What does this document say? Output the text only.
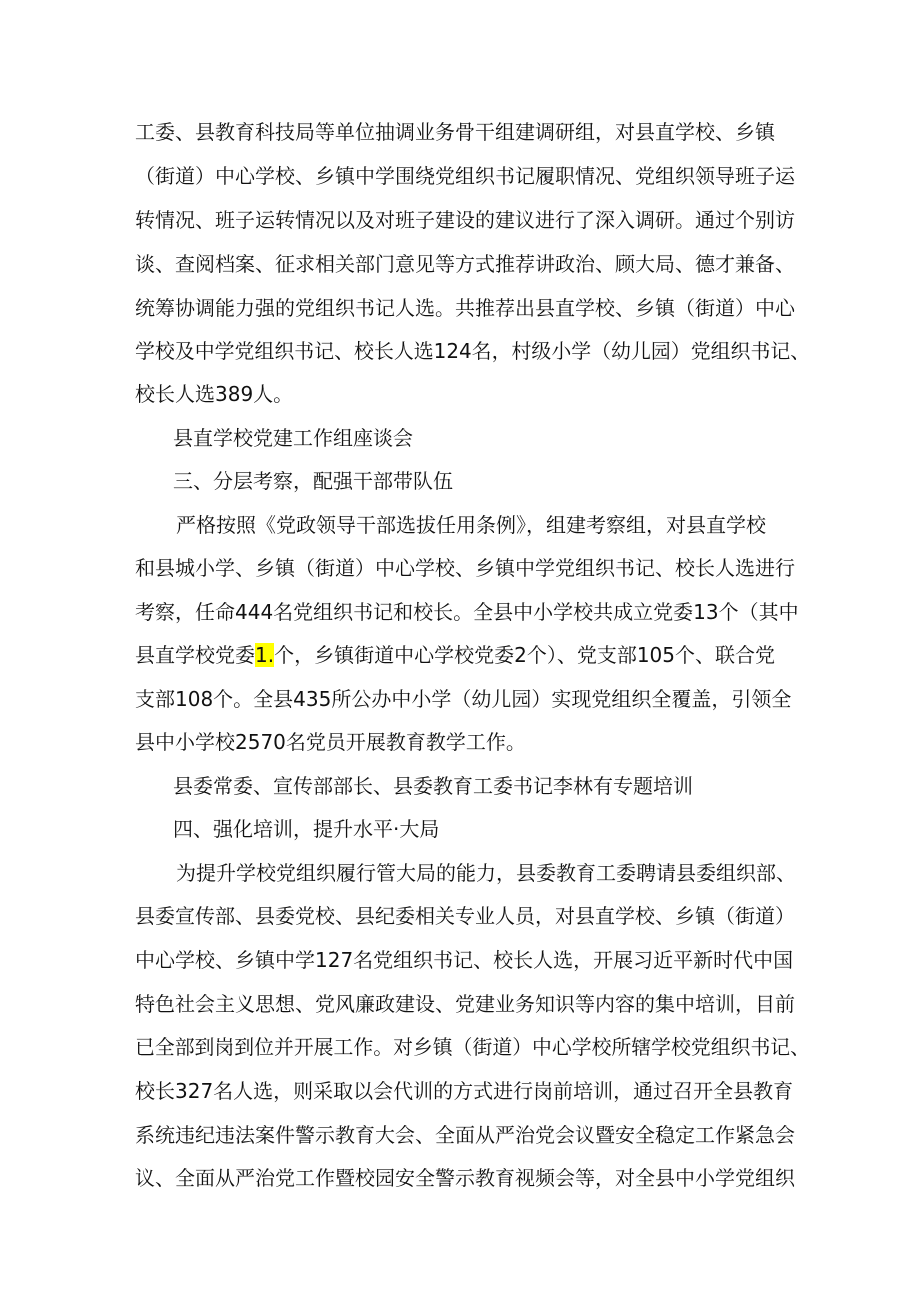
工委、县教育科技局等单位抽调业务骨干组建调研组，对县直学校、乡镇
（街道）中心学校、乡镇中学围绕党组织书记履职情况、党组织领导班子运
转情况、班子运转情况以及对班子建设的建议进行了深入调研。通过个别访
谈、查阅档案、征求相关部门意见等方式推荐讲政治、顾大局、德才兼备、
统筹协调能力强的党组织书记人选。共推荐出县直学校、乡镇（街道）中心
学校及中学党组织书记、校长人选124名，村级小学（幼儿园）党组织书记、
校长人选389人。
县直学校党建工作组座谈会
三、分层考察，配强干部带队伍
严格按照《党政领导干部选拔任用条例》，组建考察组，对县直学校
和县城小学、乡镇（街道）中心学校、乡镇中学党组织书记、校长人选进行
考察，任命444名党组织书记和校长。全县中小学校共成立党委13个（其中
县直学校党委1.个，乡镇街道中心学校党委2个）、党支部105个、联合党
支部108个。全县435所公办中小学（幼儿园）实现党组织全覆盖，引领全
县中小学校2570名党员开展教育教学工作。
县委常委、宣传部部长、县委教育工委书记李林有专题培训
四、强化培训，提升水平·大局
为提升学校党组织履行管大局的能力，县委教育工委聘请县委组织部、
县委宣传部、县委党校、县纪委相关专业人员，对县直学校、乡镇（街道）
中心学校、乡镇中学127名党组织书记、校长人选，开展习近平新时代中国
特色社会主义思想、党风廉政建设、党建业务知识等内容的集中培训，目前
已全部到岗到位并开展工作。对乡镇（街道）中心学校所辖学校党组织书记、
校长327名人选，则采取以会代训的方式进行岗前培训，通过召开全县教育
系统违纪违法案件警示教育大会、全面从严治党会议暨安全稳定工作紧急会
议、全面从严治党工作暨校园安全警示教育视频会等，对全县中小学党组织
